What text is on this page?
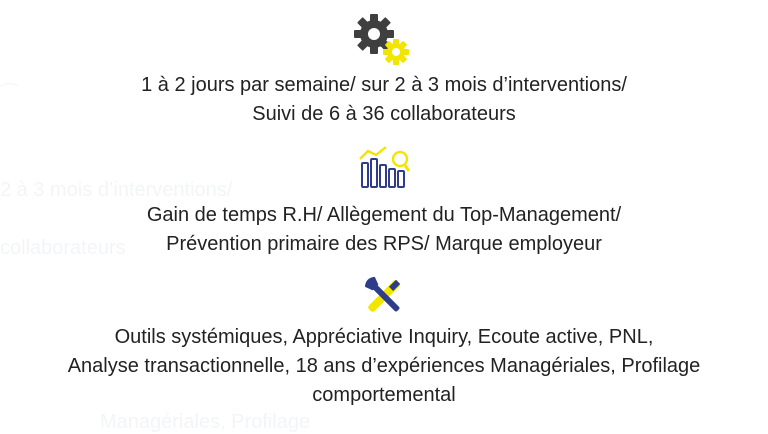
⌒
2 à 3 mois d’interventions/
collaborateurs
Managériales, Profilage

1 à 2 jours par semaine/ sur 2 à 3 mois d’interventions/
Suivi de 6 à 36 collaborateurs

Gain de temps R.H/ Allègement du Top-Management/
Prévention primaire des RPS/ Marque employeur

Outils systémiques, Appréciative Inquiry, Ecoute active, PNL,
Analyse transactionnelle, 18 ans d’expériences Managériales, Profilage
comportemental
